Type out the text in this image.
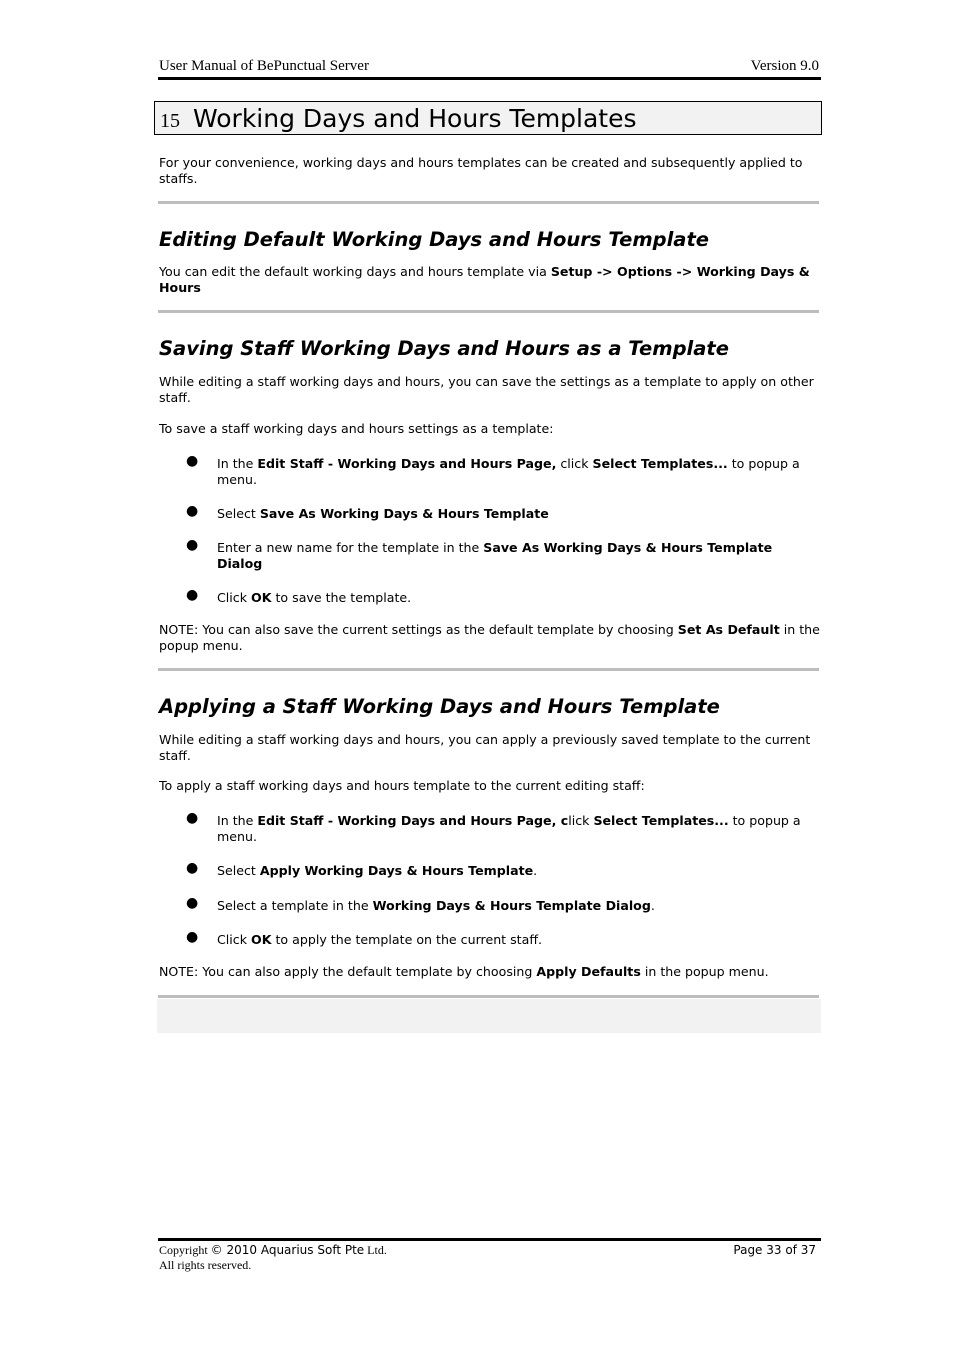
User Manual of BePunctual Server	Version 9.0
15 Working Days and Hours Templates
For your convenience, working days and hours templates can be created and subsequently applied to staffs.
Editing Default Working Days and Hours Template
You can edit the default working days and hours template via Setup -> Options -> Working Days & Hours
Saving Staff Working Days and Hours as a Template
While editing a staff working days and hours, you can save the settings as a template to apply on other staff.
To save a staff working days and hours settings as a template:
● In the Edit Staff - Working Days and Hours Page, click Select Templates... to popup a menu.
● Select Save As Working Days & Hours Template
● Enter a new name for the template in the Save As Working Days & Hours Template Dialog
● Click OK to save the template.
NOTE: You can also save the current settings as the default template by choosing Set As Default in the popup menu.
Applying a Staff Working Days and Hours Template
While editing a staff working days and hours, you can apply a previously saved template to the current staff.
To apply a staff working days and hours template to the current editing staff:
● In the Edit Staff - Working Days and Hours Page, click Select Templates... to popup a menu.
● Select Apply Working Days & Hours Template.
● Select a template in the Working Days & Hours Template Dialog.
● Click OK to apply the template on the current staff.
NOTE: You can also apply the default template by choosing Apply Defaults in the popup menu.
Copyright © 2010 Aquarius Soft Pte Ltd.
All rights reserved.
Page 33 of 37
